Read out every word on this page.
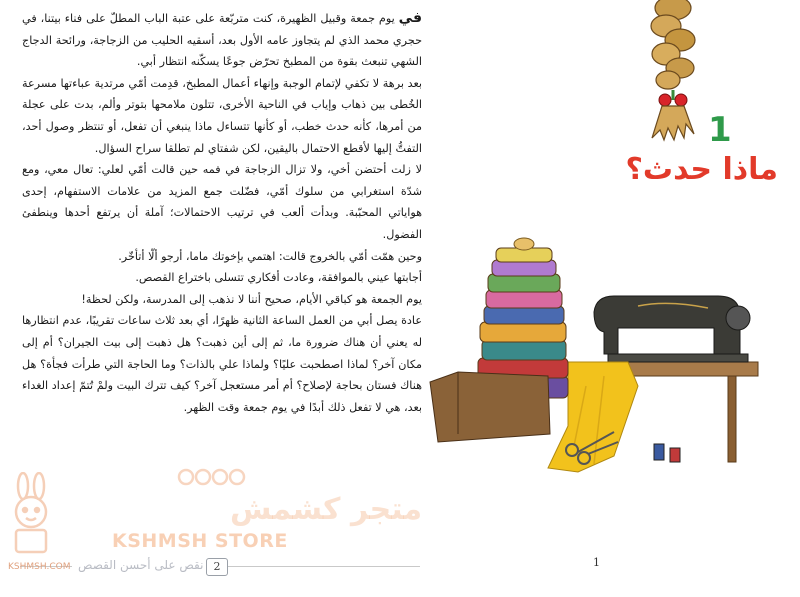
في يوم جمعة وقبيل الظهيرة، كنت متربّعة على عتبة الباب المطلّ على فناء بيتنا، في حجري محمد الذي لم يتجاوز عامه الأول بعد، أسقيه الحليب من الزجاجة، ورائحة الدجاج الشهي تنبعث بقوة من المطبخ تحرّض جوعًا يسكّنه انتظار أبي.

بعد برهة لا تكفي لإتمام الوجبة وإنهاء أعمال المطبخ، قدِمت أمّي مرتدية عباءتها مسرعة الخُطى بين ذهاب وإياب في الناحية الأخرى، تتلون ملامحها بتوتر وألم، بدت على عجلة من أمرها، كأنه حدث خطب، أو كأنها تتساءل ماذا ينبغي أن تفعل، أو تنتظر وصول أحد، التفتُّ إليها لأقطع الاحتمال باليقين، لكن شفتاي لم تطلقا سراح السؤال.

لا زلت أحتضن أخي، ولا تزال الزجاجة في فمه حين قالت أمّي لعلي: تعال معي، ومع شدّة استغرابي من سلوك أمّي، فضّلت جمع المزيد من علامات الاستفهام، إحدى هواياتي المحبّبة. وبدأت ألعب في ترتيب الاحتمالات؛ آملة أن يرتفع أحدها وينطفئ الفضول.

وحين همّت أمّي بالخروج قالت: اهتمي بإخوتك ماما، أرجو ألّا أتأخّر.

أجابتها عيني بالموافقة، وعادت أفكاري تتسلى باختراع القصص.

يوم الجمعة هو كباقي الأيام، صحيح أننا لا نذهب إلى المدرسة، ولكن لحظة!

عادة يصل أبي من العمل الساعة الثانية ظهرًا، أي بعد ثلاث ساعات تقريبًا، عدم انتظارها له يعني أن هناك ضرورة ما، ثم إلى أين ذهبت؟ هل ذهبت إلى بيت الجيران؟ أم إلى مكان آخر؟ لماذا اصطحبت عليًا؟ ولماذا علي بالذات؟ وما الحاجة التي طرأت فجأة؟ هل هناك فستان بحاجة لإصلاح؟ أم أمر مستعجل آخر؟ كيف تترك البيت ولمْ تُتمّ إعداد الغداء بعد، هي لا تفعل ذلك أبدًا في يوم جمعة وقت الظهر.

نقص على أحسن القصص 2
متجر كشمش
KSHMSH STORE
KSHMSH.COM
1
ماذا حدث؟
1
